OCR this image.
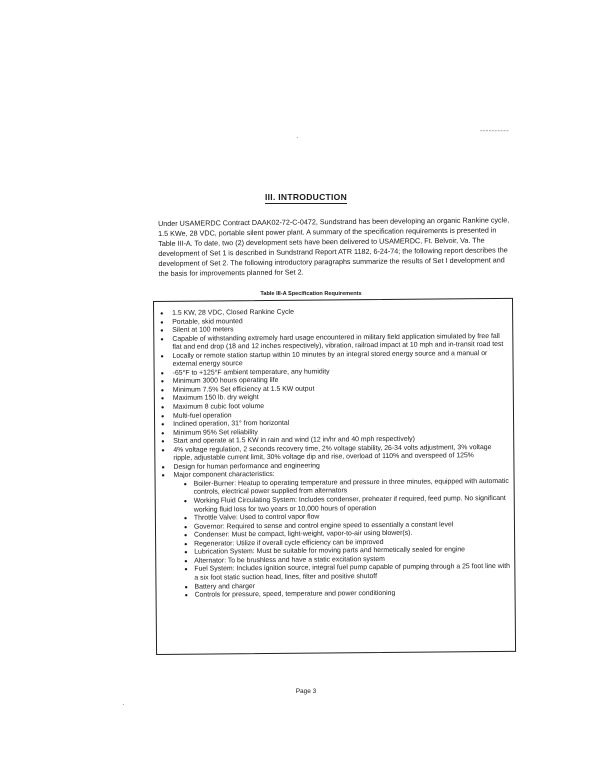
·
- - - - - - - - - -
·
III. INTRODUCTION

Under USAMERDC Contract DAAK02-72-C-0472, Sundstrand has been developing an organic Rankine cycle, 1.5 KWe, 28 VDC, portable silent power plant. A summary of the specification requirements is presented in Table III-A. To date, two (2) development sets have been delivered to USAMERDC, Ft. Belvoir, Va. The development of Set 1 is described in Sundstrand Report ATR 1182, 6-24-74; the following report describes the development of Set 2. The following introductory paragraphs summarize the results of Set I development and the basis for improvements planned for Set 2.

Table III-A Specification Requirements
● 1.5 KW, 28 VDC, Closed Rankine Cycle
● Portable, skid mounted
● Silent at 100 meters
● Capable of withstanding extremely hard usage encountered in military field application simulated by free fall flat and end drop (18 and 12 inches respectively), vibration, railroad impact at 10 mph and in-transit road test
● Locally or remote station startup within 10 minutes by an integral stored energy source and a manual or external energy source
● -65°F to +125°F ambient temperature, any humidity
● Minimum 3000 hours operating life
● Minimum 7.5% Set efficiency at 1.5 KW output
● Maximum 150 lb. dry weight
● Maximum 8 cubic foot volume
● Multi-fuel operation
● Inclined operation, 31° from horizontal
● Minimum 95% Set reliability
● Start and operate at 1.5 KW in rain and wind (12 in/hr and 40 mph respectively)
● 4% voltage regulation, 2 seconds recovery time, 2% voltage stability, 26-34 volts adjustment, 3% voltage ripple, adjustable current limit, 30% voltage dip and rise, overload of 110% and overspeed of 125%
● Design for human performance and engineering
● Major component characteristics:
● Boiler-Burner: Heatup to operating temperature and pressure in three minutes, equipped with automatic controls, electrical power supplied from alternators
● Working Fluid Circulating System: Includes condenser, preheater if required, feed pump. No significant working fluid loss for two years or 10,000 hours of operation
● Throttle Valve: Used to control vapor flow
● Governor: Required to sense and control engine speed to essentially a constant level
● Condenser: Must be compact, light-weight, vapor-to-air using blower(s).
● Regenerator: Utilize if overall cycle efficiency can be improved
● Lubrication System: Must be suitable for moving parts and hermetically sealed for engine
● Alternator: To be brushless and have a static excitation system
● Fuel System: Includes ignition source, integral fuel pump capable of pumping through a 25 foot line with a six foot static suction head, lines, filter and positive shutoff
● Battery and charger
● Controls for pressure, speed, temperature and power conditioning
Page 3
